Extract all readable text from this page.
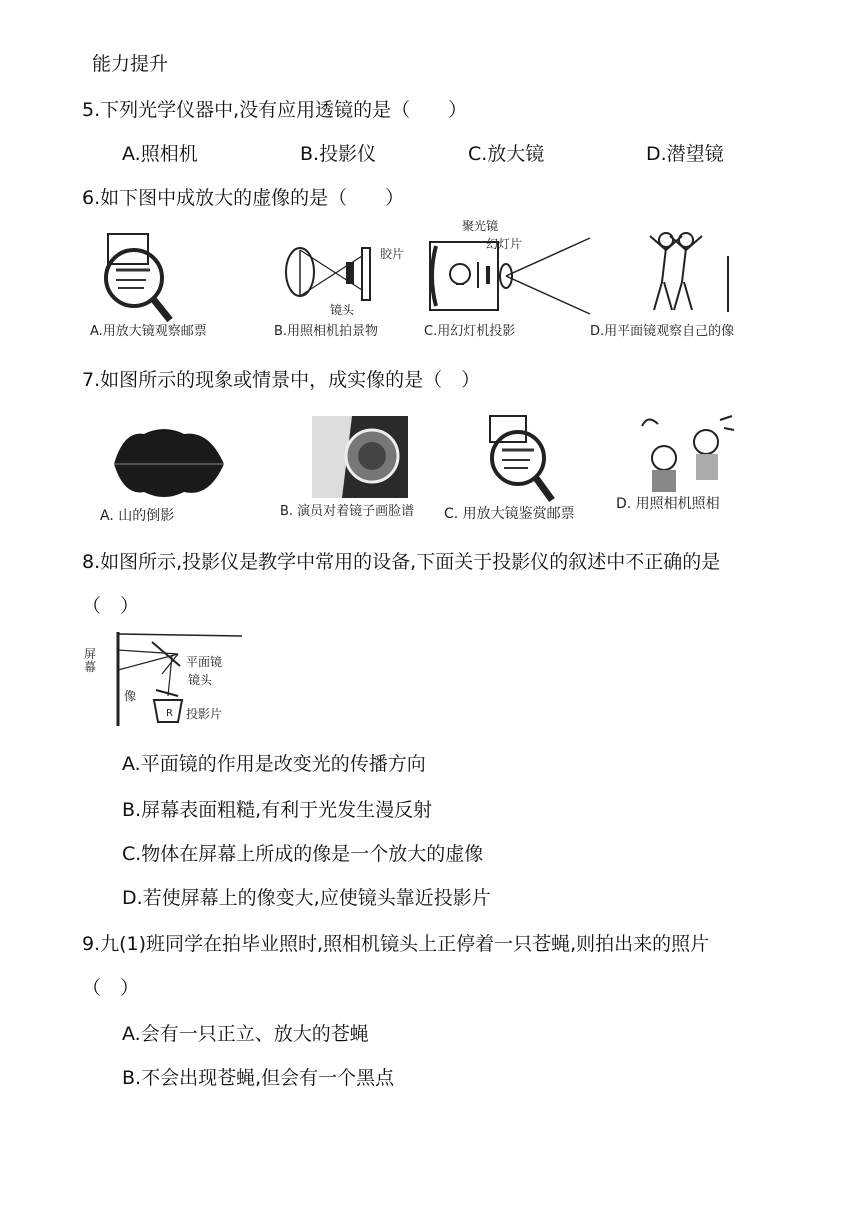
能力提升
5.下列光学仪器中,没有应用透镜的是（　　）
A.照相机	B.投影仪	C.放大镜	D.潜望镜
6.如下图中成放大的虚像的是（　　）
A.用放大镜观察邮票
胶片
镜头
B.用照相机拍景物
聚光镜
幻灯片
C.用幻灯机投影	D.用平面镜观察自己的像
7.如图所示的现象或情景中，成实像的是（　）
A. 山的倒影	B. 演员对着镜子画脸谱 C. 用放大镜鉴赏邮票
D. 用照相机照相
8.如图所示,投影仪是教学中常用的设备,下面关于投影仪的叙述中不正确的是
（　）
R
屏幕
像
平面镜
镜头
投影片
A.平面镜的作用是改变光的传播方向
B.屏幕表面粗糙,有利于光发生漫反射
C.物体在屏幕上所成的像是一个放大的虚像
D.若使屏幕上的像变大,应使镜头靠近投影片
9.九(1)班同学在拍毕业照时,照相机镜头上正停着一只苍蝇,则拍出来的照片
（　）
A.会有一只正立、放大的苍蝇
B.不会出现苍蝇,但会有一个黑点
